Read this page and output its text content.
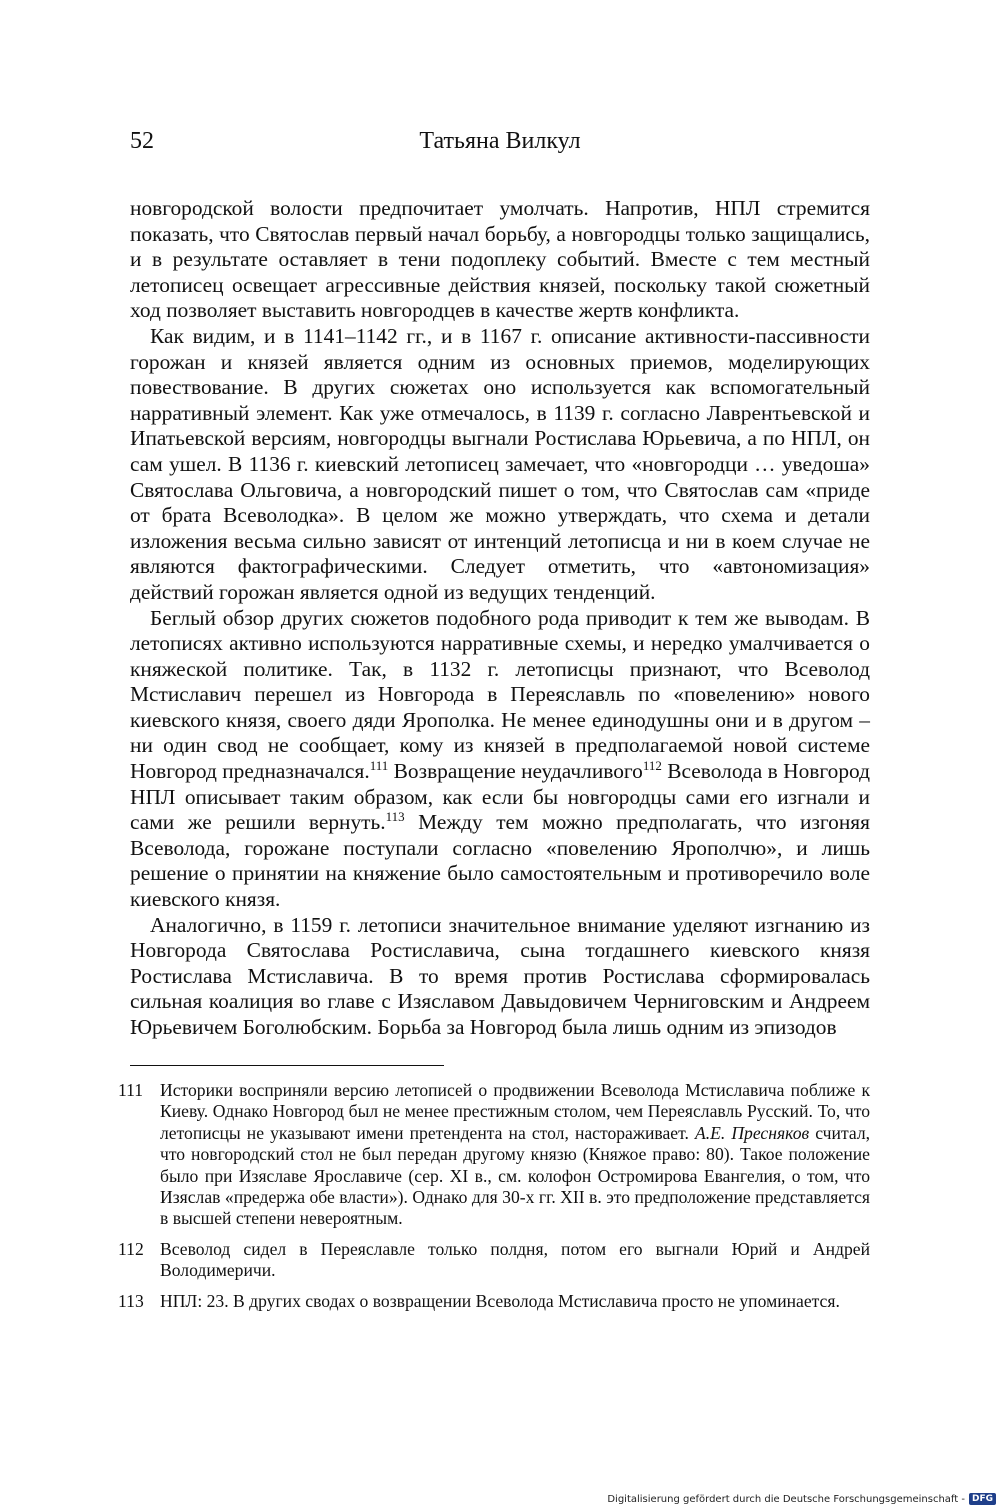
52	Татьяна Вилкул

новгородской волости предпочитает умолчать. Напротив, НПЛ стремится показать, что Святослав первый начал борьбу, а новгородцы только защищались, и в результате оставляет в тени подоплеку событий. Вместе с тем местный летописец освещает агрессивные действия князей, поскольку такой сюжетный ход позволяет выставить новгородцев в качестве жертв конфликта.

Как видим, и в 1141–1142 гг., и в 1167 г. описание активности-пассивности горожан и князей является одним из основных приемов, моделирующих повествование. В других сюжетах оно используется как вспомогательный нарративный элемент. Как уже отмечалось, в 1139 г. согласно Лаврентьевской и Ипатьевской версиям, новгородцы выгнали Ростислава Юрьевича, а по НПЛ, он сам ушел. В 1136 г. киевский летописец замечает, что «новгородци … уведоша» Святослава Ольговича, а новгородский пишет о том, что Святослав сам «приде от брата Всеволодка». В целом же можно утверждать, что схема и детали изложения весьма сильно зависят от интенций летописца и ни в коем случае не являются фактографическими. Следует отметить, что «автономизация» действий горожан является одной из ведущих тенденций.

Беглый обзор других сюжетов подобного рода приводит к тем же выводам. В летописях активно используются нарративные схемы, и нередко умалчивается о княжеской политике. Так, в 1132 г. летописцы признают, что Всеволод Мстиславич перешел из Новгорода в Переяславль по «повелению» нового киевского князя, своего дяди Ярополка. Не менее единодушны они и в другом – ни один свод не сообщает, кому из князей в предполагаемой новой системе Новгород предназначался.$^{111}$ Возвращение неудачливого$^{112}$ Всеволода в Новгород НПЛ описывает таким образом, как если бы новгородцы сами его изгнали и сами же решили вернуть.$^{113}$ Между тем можно предполагать, что изгоняя Всеволода, горожане поступали согласно «повелению Ярополчю», и лишь решение о принятии на княжение было самостоятельным и противоречило воле киевского князя.

Аналогично, в 1159 г. летописи значительное внимание уделяют изгнанию из Новгорода Святослава Ростиславича, сына тогдашнего киевского князя Ростислава Мстиславича. В то время против Ростислава сформировалась сильная коалиция во главе с Изяславом Давыдовичем Черниговским и Андреем Юрьевичем Боголюбским. Борьба за Новгород была лишь одним из эпизодов

111 Историки восприняли версию летописей о продвижении Всеволода Мстиславича поближе к Киеву. Однако Новгород был не менее престижным столом, чем Переяславль Русский. То, что летописцы не указывают имени претендента на стол, настораживает. А.Е. Пресняков считал, что новгородский стол не был передан другому князю (Княжое право: 80). Такое положение было при Изяславе Ярославиче (сер. XI в., см. колофон Остромирова Евангелия, о том, что Изяслав «предержа обе власти»). Однако для 30-х гг. XII в. это предположение представляется в высшей степени невероятным.
112 Всеволод сидел в Переяславле только полдня, потом его выгнали Юрий и Андрей Володимеричи.
113 НПЛ: 23. В других сводах о возвращении Всеволода Мстиславича просто не упоминается.
Digitalisierung gefördert durch die Deutsche Forschungsgemeinschaft - DFG
